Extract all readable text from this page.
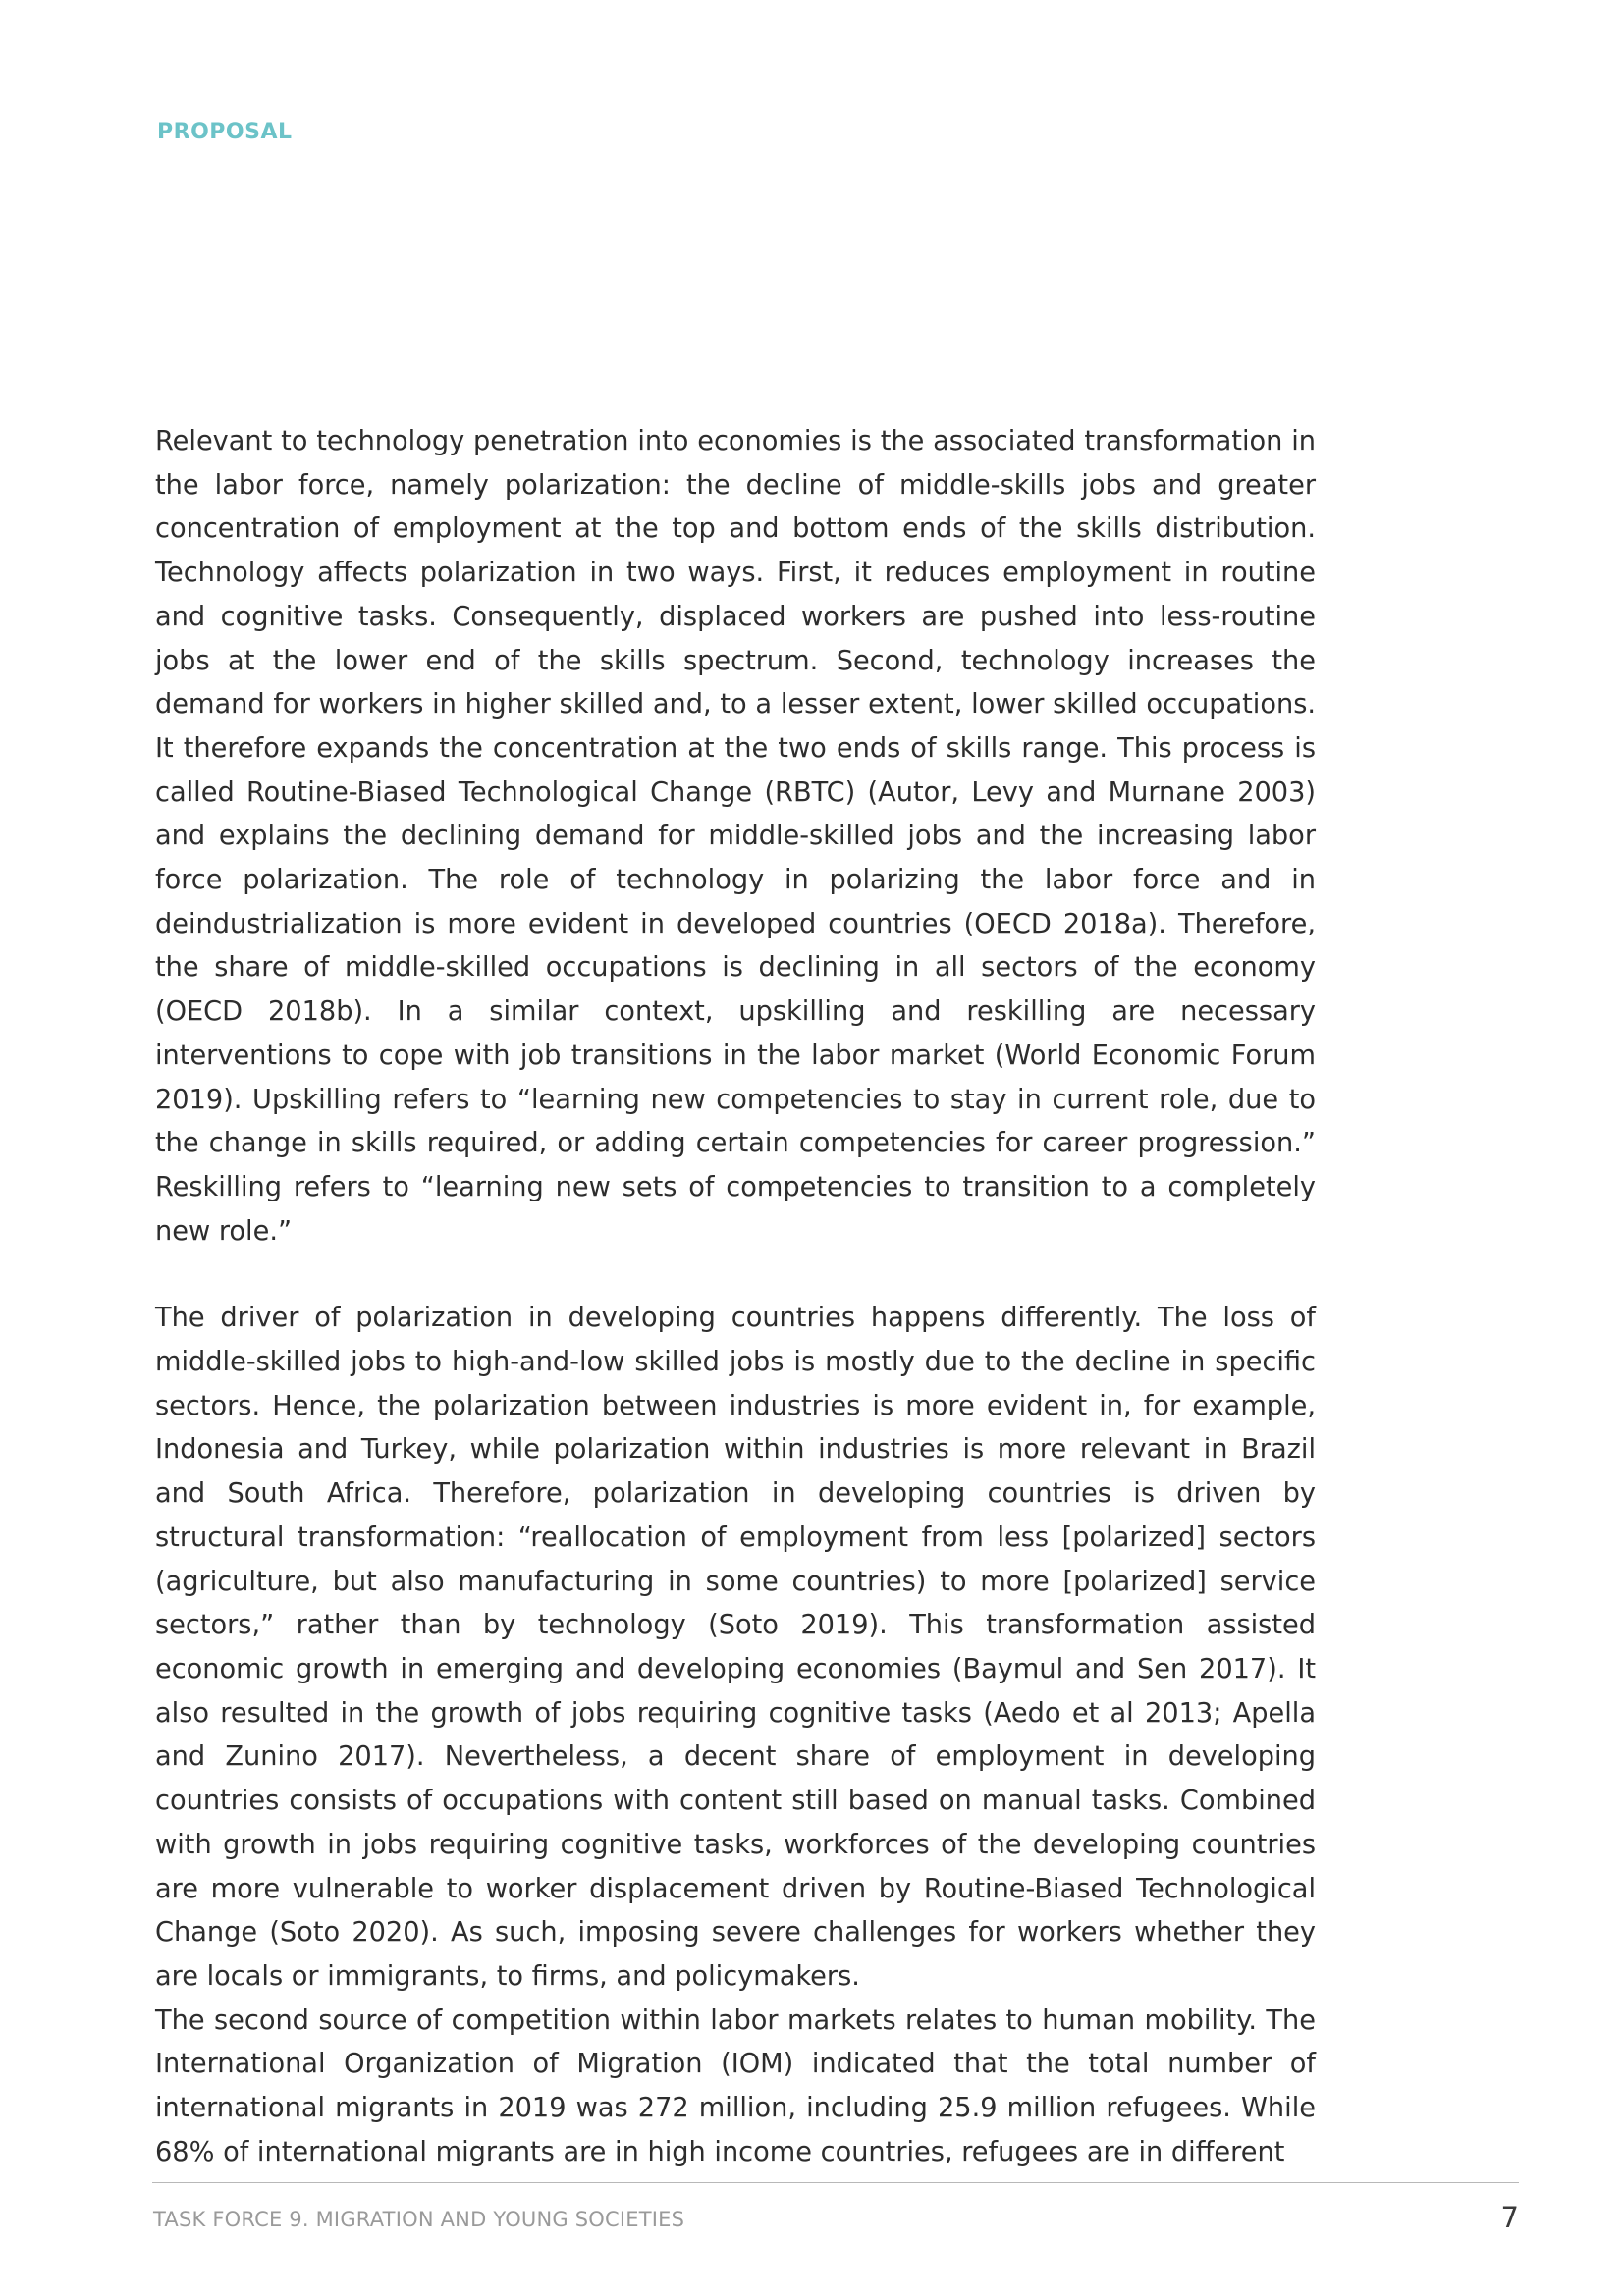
PROPOSAL

Relevant to technology penetration into economies is the associated transformation in the labor force, namely polarization: the decline of middle-skills jobs and greater concentration of employment at the top and bottom ends of the skills distribution. Technology affects polarization in two ways. First, it reduces employment in routine and cognitive tasks. Consequently, displaced workers are pushed into less-routine jobs at the lower end of the skills spectrum. Second, technology increases the demand for workers in higher skilled and, to a lesser extent, lower skilled occupations. It therefore expands the concentration at the two ends of skills range. This process is called Routine-Biased Technological Change (RBTC) (Autor, Levy and Murnane 2003) and explains the declining demand for middle-skilled jobs and the increasing labor force polarization. The role of technology in polarizing the labor force and in deindustrialization is more evident in developed countries (OECD 2018a). Therefore, the share of middle-skilled occupations is declining in all sectors of the economy (OECD 2018b). In a similar context, upskilling and reskilling are necessary interventions to cope with job transitions in the labor market (World Economic Forum 2019). Upskilling refers to “learning new competencies to stay in current role, due to the change in skills required, or adding certain competencies for career progression.” Reskilling refers to “learning new sets of competencies to transition to a completely new role.”

The driver of polarization in developing countries happens differently. The loss of middle-skilled jobs to high-and-low skilled jobs is mostly due to the decline in specific sectors. Hence, the polarization between industries is more evident in, for example, Indonesia and Turkey, while polarization within industries is more relevant in Brazil and South Africa. Therefore, polarization in developing countries is driven by structural transformation: “reallocation of employment from less [polarized] sectors (agriculture, but also manufacturing in some countries) to more [polarized] service sectors,” rather than by technology (Soto 2019). This transformation assisted economic growth in emerging and developing economies (Baymul and Sen 2017). It also resulted in the growth of jobs requiring cognitive tasks (Aedo et al 2013; Apella and Zunino 2017). Nevertheless, a decent share of employment in developing countries consists of occupations with content still based on manual tasks. Combined with growth in jobs requiring cognitive tasks, workforces of the developing countries are more vulnerable to worker displacement driven by Routine-Biased Technological Change (Soto 2020). As such, imposing severe challenges for workers whether they are locals or immigrants, to firms, and policymakers.

The second source of competition within labor markets relates to human mobility. The International Organization of Migration (IOM) indicated that the total number of international migrants in 2019 was 272 million, including 25.9 million refugees. While 68% of international migrants are in high income countries, refugees are in different

TASK FORCE 9. MIGRATION AND YOUNG SOCIETIES	7
